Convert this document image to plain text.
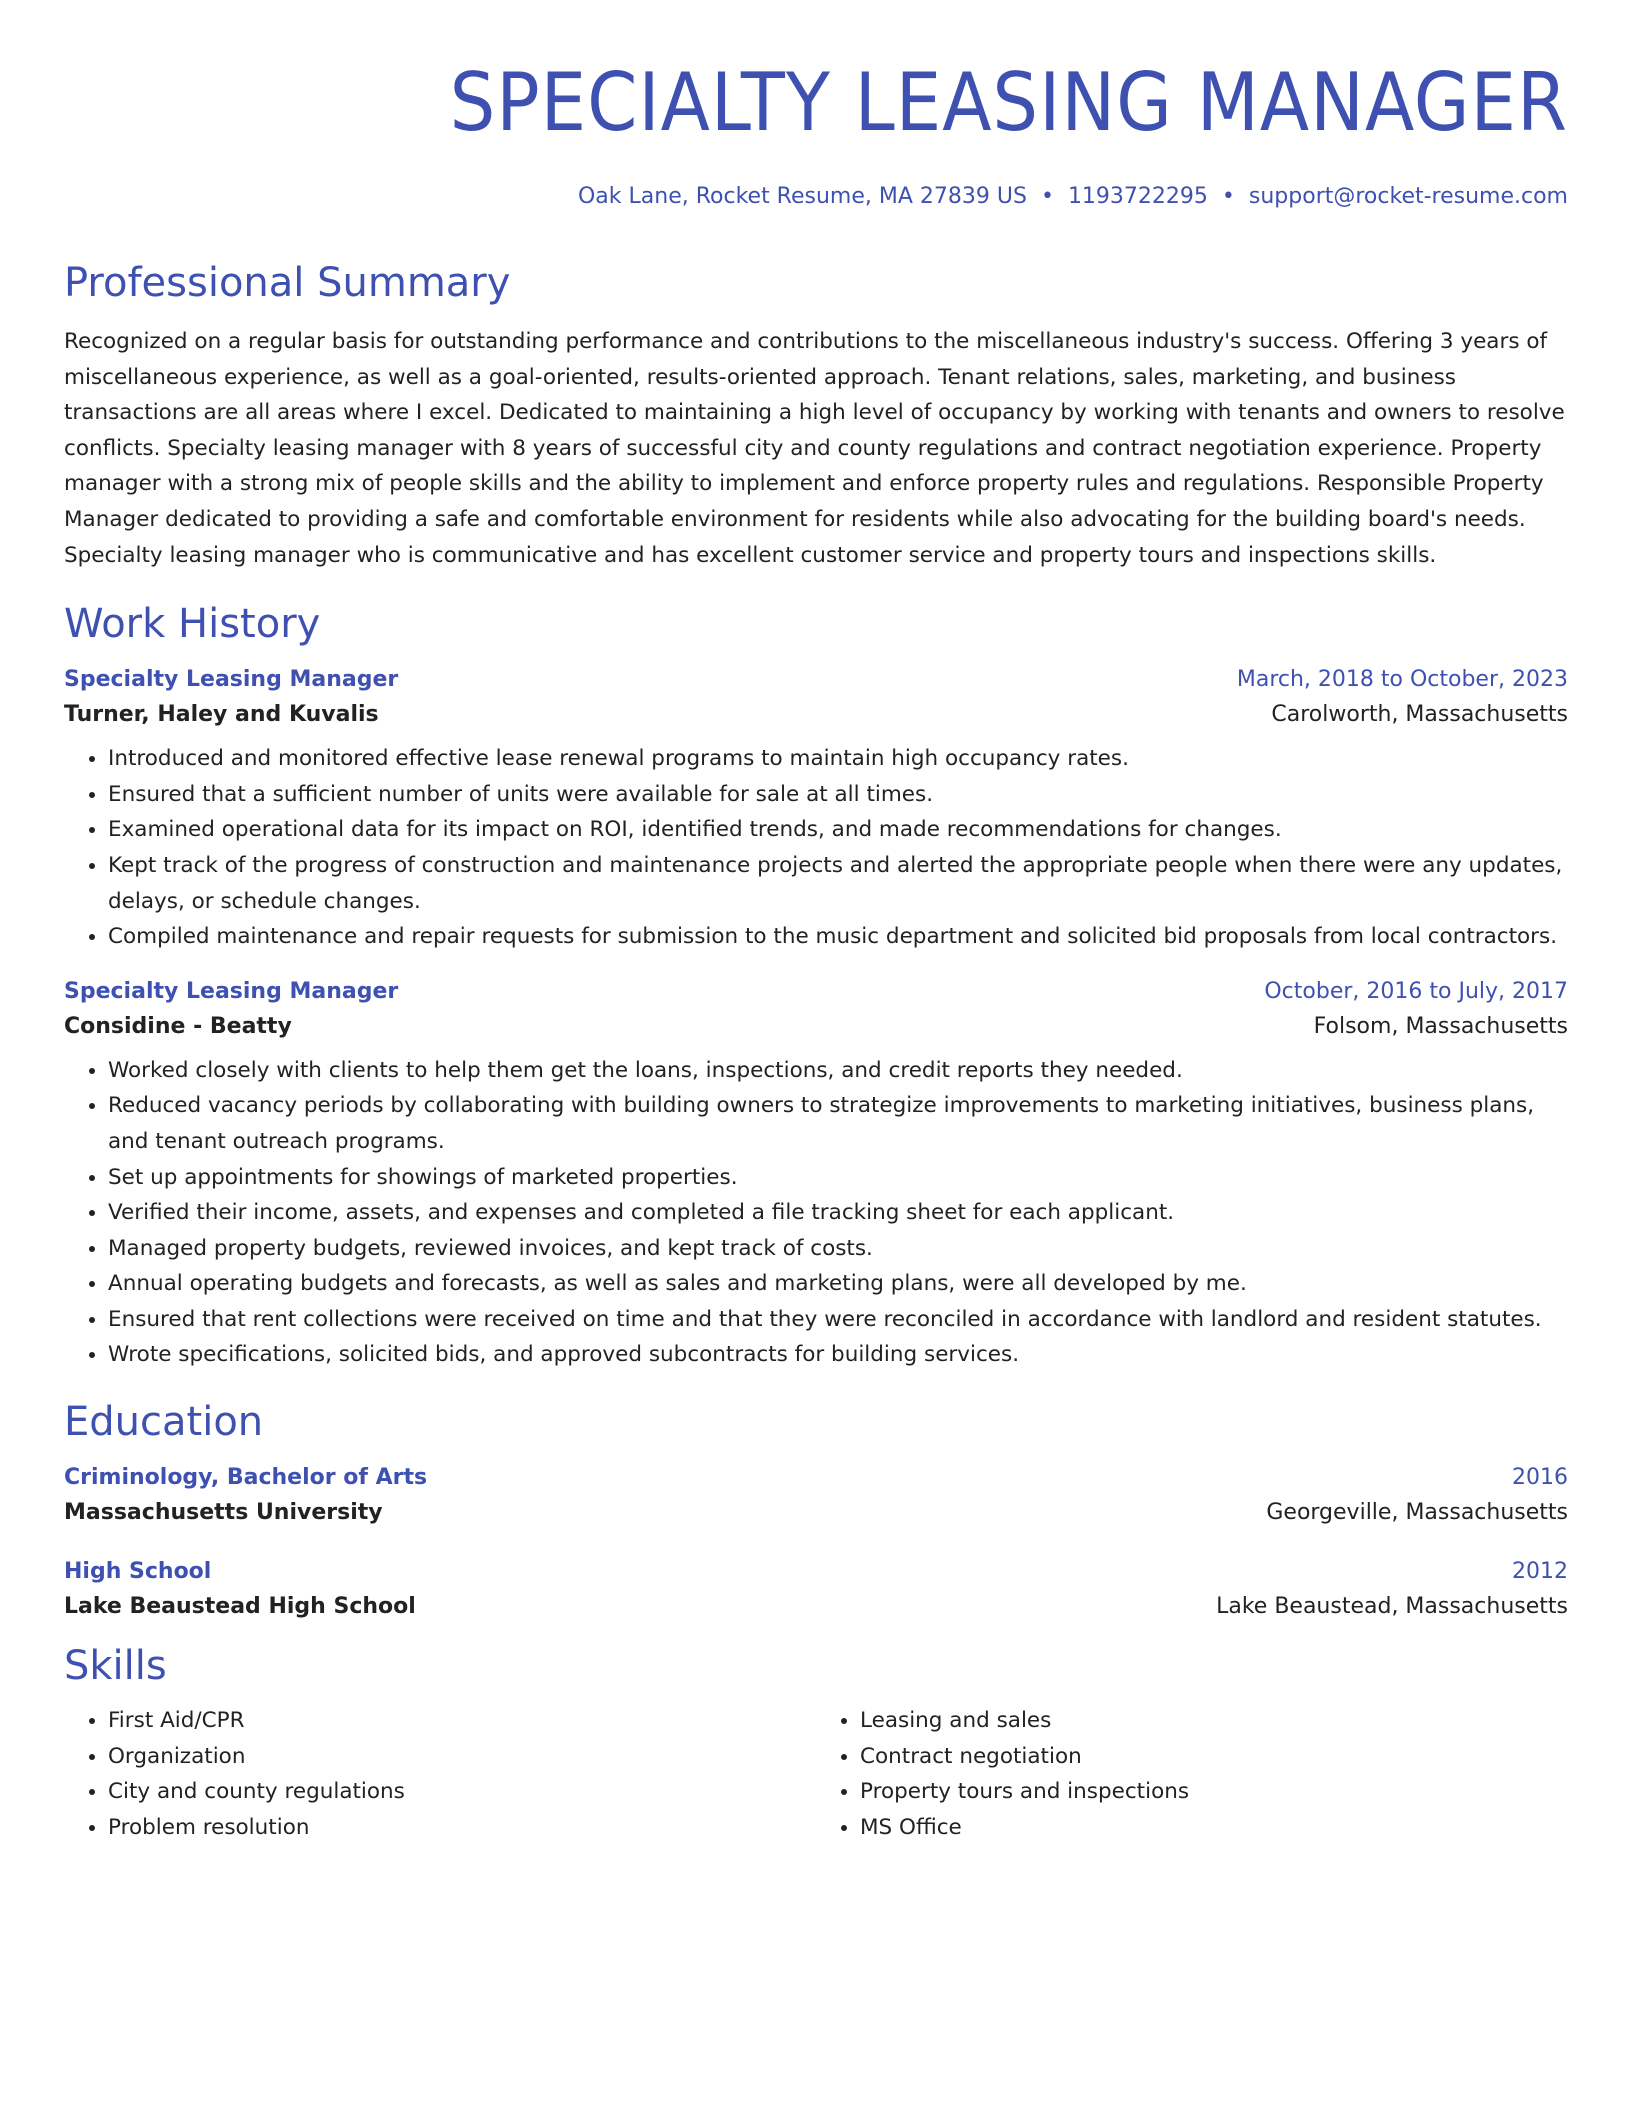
SPECIALTY LEASING MANAGER
Oak Lane, Rocket Resume, MA 27839 US • 1193722295 • support@rocket-resume.com
Professional Summary
Recognized on a regular basis for outstanding performance and contributions to the miscellaneous industry's success. Offering 3 years of miscellaneous experience, as well as a goal-oriented, results-oriented approach. Tenant relations, sales, marketing, and business transactions are all areas where I excel. Dedicated to maintaining a high level of occupancy by working with tenants and owners to resolve conflicts. Specialty leasing manager with 8 years of successful city and county regulations and contract negotiation experience. Property manager with a strong mix of people skills and the ability to implement and enforce property rules and regulations. Responsible Property Manager dedicated to providing a safe and comfortable environment for residents while also advocating for the building board's needs. Specialty leasing manager who is communicative and has excellent customer service and property tours and inspections skills.
Work History
Specialty Leasing Manager	March, 2018 to October, 2023
Turner, Haley and Kuvalis	Carolworth, Massachusetts
• Introduced and monitored effective lease renewal programs to maintain high occupancy rates.
• Ensured that a sufficient number of units were available for sale at all times.
• Examined operational data for its impact on ROI, identified trends, and made recommendations for changes.
• Kept track of the progress of construction and maintenance projects and alerted the appropriate people when there were any updates, delays, or schedule changes.
• Compiled maintenance and repair requests for submission to the music department and solicited bid proposals from local contractors.
Specialty Leasing Manager	October, 2016 to July, 2017
Considine - Beatty	Folsom, Massachusetts
• Worked closely with clients to help them get the loans, inspections, and credit reports they needed.
• Reduced vacancy periods by collaborating with building owners to strategize improvements to marketing initiatives, business plans, and tenant outreach programs.
• Set up appointments for showings of marketed properties.
• Verified their income, assets, and expenses and completed a file tracking sheet for each applicant.
• Managed property budgets, reviewed invoices, and kept track of costs.
• Annual operating budgets and forecasts, as well as sales and marketing plans, were all developed by me.
• Ensured that rent collections were received on time and that they were reconciled in accordance with landlord and resident statutes.
• Wrote specifications, solicited bids, and approved subcontracts for building services.
Education
Criminology, Bachelor of Arts	2016
Massachusetts University	Georgeville, Massachusetts
High School	2012
Lake Beaustead High School	Lake Beaustead, Massachusetts
Skills
• First Aid/CPR
• Organization
• City and county regulations
• Problem resolution
• Leasing and sales
• Contract negotiation
• Property tours and inspections
• MS Office
